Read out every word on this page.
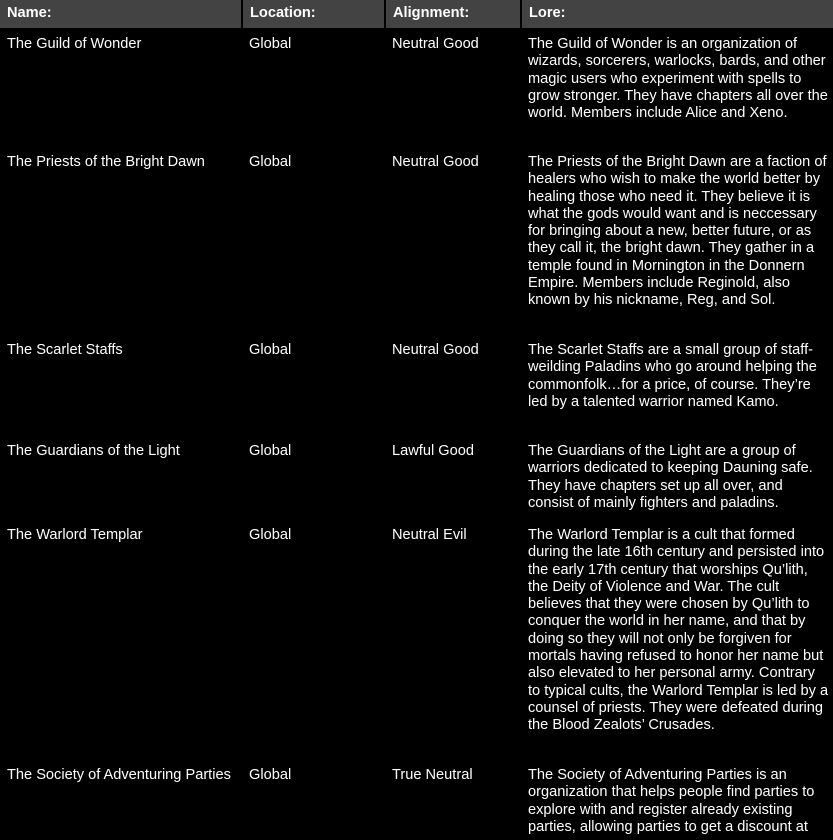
Name:	Location:	Alignment:	Lore:
The Guild of Wonder	Global	Neutral Good	The Guild of Wonder is an organization of wizards, sorcerers, warlocks, bards, and other magic users who experiment with spells to grow stronger. They have chapters all over the world. Members include Alice and Xeno.
The Priests of the Bright Dawn	Global	Neutral Good	The Priests of the Bright Dawn are a faction of healers who wish to make the world better by healing those who need it. They believe it is what the gods would want and is neccessary for bringing about a new, better future, or as they call it, the bright dawn. They gather in a temple found in Mornington in the Donnern Empire. Members include Reginold, also known by his nickname, Reg, and Sol.
The Scarlet Staffs	Global	Neutral Good	The Scarlet Staffs are a small group of staff-weilding Paladins who go around helping the commonfolk…for a price, of course. They’re led by a talented warrior named Kamo.
The Guardians of the Light	Global	Lawful Good	The Guardians of the Light are a group of warriors dedicated to keeping Dauning safe. They have chapters set up all over, and consist of mainly fighters and paladins.
The Warlord Templar	Global	Neutral Evil	The Warlord Templar is a cult that formed during the late 16th century and persisted into the early 17th century that worships Qu’lith, the Deity of Violence and War. The cult believes that they were chosen by Qu’lith to conquer the world in her name, and that by doing so they will not only be forgiven for mortals having refused to honor her name but also elevated to her personal army. Contrary to typical cults, the Warlord Templar is led by a counsel of priests. They were defeated during the Blood Zealots’ Crusades.
The Society of Adventuring Parties	Global	True Neutral	The Society of Adventuring Parties is an organization that helps people find parties to explore with and register already existing parties, allowing parties to get a discount at
